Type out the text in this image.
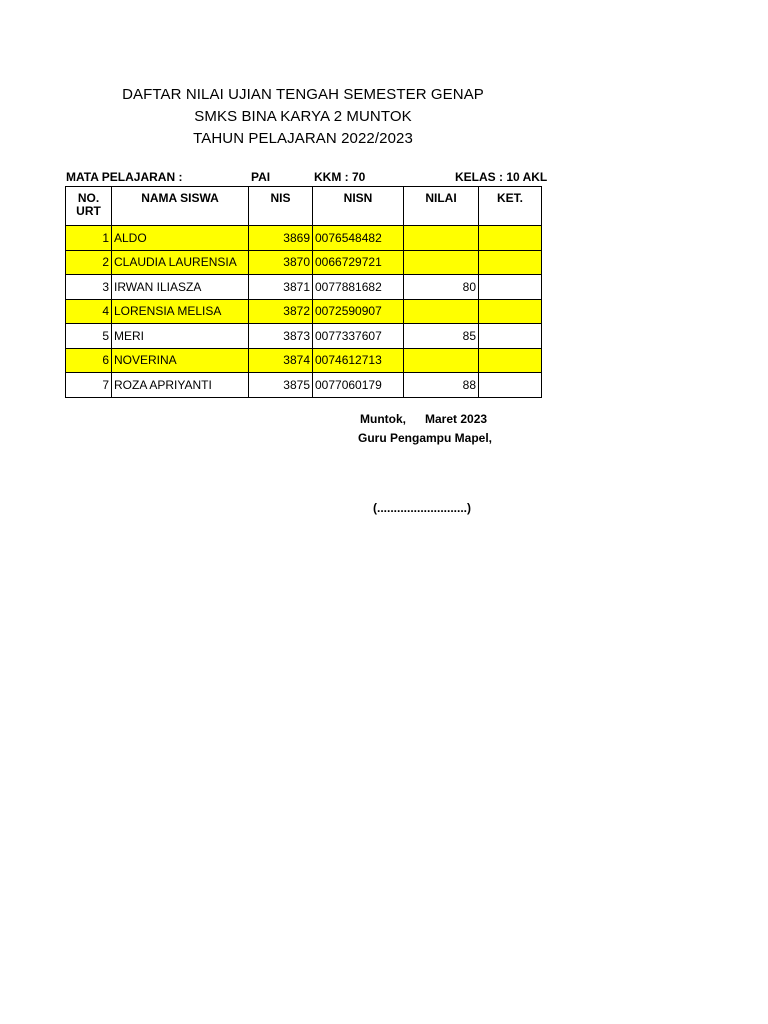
DAFTAR NILAI UJIAN TENGAH SEMESTER GENAP
SMKS BINA KARYA 2 MUNTOK
TAHUN PELAJARAN 2022/2023
MATA PELAJARAN :	PAI	KKM : 70	KELAS : 10 AKL
NO.
URT	NAMA SISWA	NIS	NISN	NILAI	KET.
1	ALDO	3869	0076548482		
2	CLAUDIA LAURENSIA	3870	0066729721		
3	IRWAN ILIASZA	3871	0077881682	80	
4	LORENSIA MELISA	3872	0072590907		
5	MERI	3873	0077337607	85	
6	NOVERINA	3874	0074612713		
7	ROZA APRIYANTI	3875	0077060179	88	
Muntok, Maret 2023
Guru Pengampu Mapel,
(...........................)
